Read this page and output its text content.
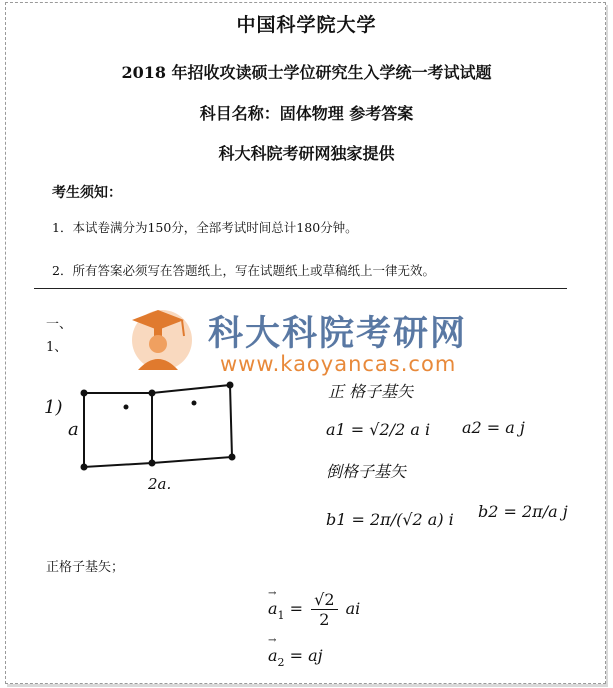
中国科学院大学
2018 年招收攻读硕士学位研究生入学统一考试试题
科目名称：固体物理 参考答案
科大科院考研网独家提供
考生须知：
1．本试卷满分为150分，全部考试时间总计180分钟。
2．所有答案必须写在答题纸上，写在试题纸上或草稿纸上一律无效。
一、
1、	科大科院考研网
www.kaoyancas.com
1)
a
2a.
正 格子基矢
a1 = √2/2 a i a2 = a j
倒格子基矢
b1 = 2π/(√2 a) i b2 = 2π/a j
正格子基矢；
→ $a_1 = \frac{√2}{2}$ ai
→ $a_2$ = aj
